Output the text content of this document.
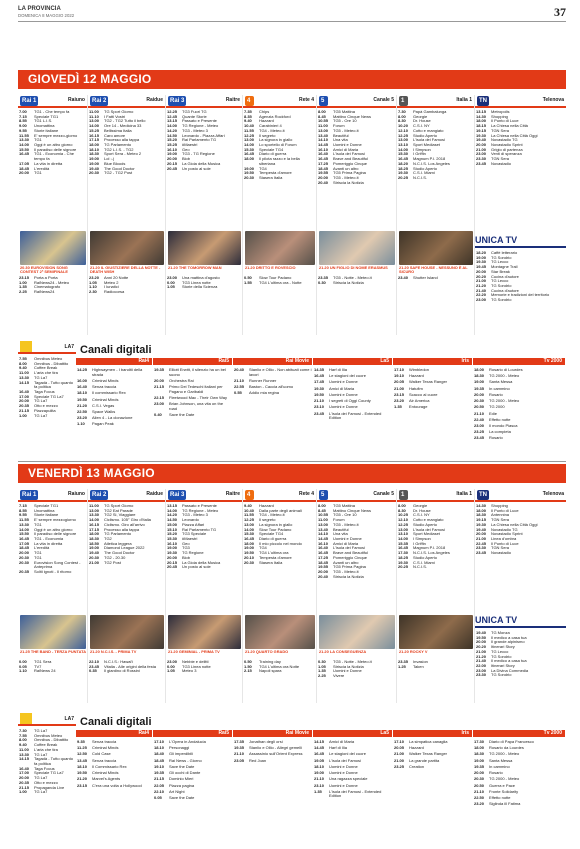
LA PROVINCIA
DOMENICA 8 MAGGIO 2022	37
GIOVEDÌ 12 MAGGIO
Rai 1	Raiuno
7.00	TG1 - Che tempo fa
7.15	Speciale TG1
8.55	TG1 L.I.S.
9.00	Unomattina
9.55	Storie italiane
11.55	E' sempre mezzo-giorno
13.30	TG1
14.00	Oggi è un altro giorno
15.50	Il paradiso delle signore
16.45	TG1 - Economia - Che tempo fa
17.05	La vita in diretta
18.45	L'eredità
20.00	TG1
20.30 EUROVISION SONG CONTEST 2ª SEMIFINALE
23.15	Porta a Porta
1.00	RaiNews24 - Meteo
1.35	Cinematografo
2.25	RaiNews24
Rai 2	Raidue
11.00	TG Sport Giorno
11.10	I Fatti Vostri
13.00	TG2 - TG2 Tutto il bello
14.00	Ore 14 - Medicina 33
15.25	Bellissima Italia
16.15	Caro amore
17.15	Processo alla tappa
18.00	TG Parlamento
18.10	TG2 L.I.S. - TG2
18.30	Sport Sera - Meteo 2
19.00	Lol :-)
19.00	Blue Bloods
19.40	The Good Doctor
20.30	TG2 - TG2 Post
21.20 IL GIUSTIZIERE DELLA NOTTE - DEATH WISH
23.20	Anni 20 Notte
1.05	Meteo 2
1.10	I lunatici
2.30	Radiocorsa
Rai 3	Raitre
12.25	TG3 Fuori TG
12.45	Quante Storie
13.15	Passato e Presente
14.00	TG Regione - Meteo
14.20	TG3 - Meteo 3
14.50	Leonardo - Piazza Affari
15.20	Rai Parlamento TG
15.25	#Maestri
16.10	Geo
19.00	TG3 - TG Regione
20.00	Blob
20.15	La Gioia della Musica
20.45	Un posto al sole
21.20 THE TOMORROW MAN
23.00	Una mattina d'agosto
0.00	TG3 Linea notte
1.05	Storie della Scienza
4	Rete 4
7.35	Chips
8.35	Agenzia Rockford
9.40	Hazzard
10.40	Carabinieri 4
11.55	TG4 - Meteo.it
12.25	Il segreto
13.00	La signora in giallo
14.00	Lo sportello di Forum
15.30	Speciale TG4
16.45	Diario di guerra
18.00	Il pilota razzo e la bella siberiana
19.00	TG4
19.50	Tempesta d'amore
20.30	Stasera Italia
21.20 DRITTO E ROVESCIO
0.50	Slow Tour Padano
1.55	TG4 L'ultima ora - Notte
5	Canale 5
8.00	TG5 Mattina
8.45	Mattino Cinque News
10.55	TG5 - Ore 10
11.00	Forum
13.00	TG5 - Meteo.it
13.40	Beautiful
14.10	Una vita
14.45	Uomini e Donne
16.10	Amici di Maria
16.40	L'isola dei Famosi
16.45	Brave and Beautiful
17.25	Pomeriggio Cinque
18.45	Avanti un altro
19.55	TG5 Prima Pagina
20.00	TG5 - Meteo.it
20.40	Striscia la Notizia
21.20 UN FIGLIO DI NOME ERASMUS
23.35	TG5 - Notte - Meteo.it
0.30	Striscia la Notizia
1	Italia 1
7.30	Papà Gambalunga
8.00	Georgie
8.30	Dr. House
10.20	C.S.I. NY
12.10	Cotto e mangiato
12.25	Studio Aperto
13.00	L'isola dei Famosi
13.10	Sport Mediaset
14.00	I Simpson
15.30	I Griffin
16.45	Magnum P.I. 2018
18.20	N.C.I.S. Los Angeles
18.25	Studio Aperto
19.30	C.S.I. Miami
20.25	N.C.I.S.
21.20 SAFE HOUSE - NESSUNO È AL SICURO
23.40	Shutter Island
TN	Telenova
13.15	Metropolis
14.30	Shopping
18.00	Il Punto di Luce
18.15	La Chiesa nella Città
19.15	TGN Sera
19.30	La Chiesa nella Città Oggi
19.40	Novastadio TG
20.00	Novastadio Sprint
21.00	Grigio di partenza
23.00	Venti di speranza
23.30	TGN Sera
23.45	Novastadio
UNICA TV
18.20	Caffè letterario
19.00	TG Sondrio
19.30	TG Lecco
19.45	Montagne Trail
20.00	Star Break
20.20	Cucina d'autore
21.00	TG Lecco
21.20	TG Sondrio
21.40	Cucina d'autore
22.20	Memorie e tradizioni del territorio
23.00	TG Sondrio
LA7 Canali digitali
7.55	Omnibus Meteo
8.00	Omnibus - Dibattito
9.40	Coffee Break
11.00	L'aria che tira
13.30	TG La7
14.15	Tagadà - Tutto quanto fa politica
16.40	Taga Focus
17.00	Speciale TG La7
20.00	TG La7
20.35	Otto e mezzo
21.15	Piazzapulita
1.00	TG La7
Rai4
14.25	Highwaymen - I banditi della strada
16.00	Criminal Minds
16.40	Senza traccia
18.10	Il commissario Rex
19.50	Criminal Minds
21.20	C.S.I. Vegas
22.50	Space Walks
23.20	Alien 4 - La clonazione
1.10	Pagan Peak
Rai5
19.35	Elliott Erwitt, il silenzio ha un bel suono
20.00	Orchestra Rai
21.15	Primo Dei Tedeschi italiani per Pagano e Garibaldi
22.15	Fleetwood Mac - Their Own Way
23.00	Brian Johnson, una vita on the road
0.40	Save the Date
Rai Movie
20.40	Stanlio e Ollio - Non abituati come i lavori
21.10	Runner Runner
22.55	Baston - Caccia all'uomo
0.55	Addio mia regina
La5
14.35	Harf di Ilia
16.45	Le stagioni del cuore
17.45	Uomini e Donne
19.30	Amici di Maria
19.50	Uomini e Donne
21.10	I segreti di Oggi County
23.10	Uomini e Donne
23.45	L'isola dei Famosi - Extended Edition
Iris
17.10	Wimbledon
19.10	Hazzard
20.05	Walker Texas Ranger
21.00	Hatufim
23.15	Scacco al cuore
23.20	Air America
1.35	Entourage
Tv 2000
18.00	Rosario di Lourdes
18.30	TG 2000 - Meteo
19.00	Santa Messa
19.35	In cammino
20.00	Rosario
20.30	TG 2000 - Meteo
20.50	TG 2000
21.10	Edie
22.40	Effetto notte
23.00	Il mondo Piasca
23.25	La compieta
23.45	Rosario
VENERDÌ 13 MAGGIO
Rai 1	Raiuno
7.15	Speciale TG1
8.55	Unomattina
9.55	Storie italiane
11.55	E' sempre mezzogiorno
13.30	TG1
14.00	Oggi è un altro giorno
15.50	Il paradiso delle signore
16.45	TG1 - Economia
17.05	La vita in diretta
18.45	L'eredità
20.00	TG1
20.30	TG1
20.30	Eurovision Song Contest - Anteprima
20.35	Soliti ignoti - Il ritorno
21.25 THE BAND - TERZA PUNTATA
0.00	TG1 Sera
0.05	TV7
1.10	RaiNews 24
Rai 2	Raidue
11.00	TG Sport Giorno
13.00	TG2 Eat Parade
13.30	TG2 Si, Viaggiare
14.00	Ciclismo. 105° Giro d'Italia
16.15	Ciclismo. Giro all'arrivo
17.15	Processo alla tappa
18.00	TG Parlamento
18.30	TG2
18.50	Atletica leggera
19.00	Diamond League 2022
19.40	The Good Doctor
20.30	TG2 - 20.30
21.00	TG2 Post
21.20 N.C.I.S. - PRIMA TV
22.10	N.C.I.S.: Hawai'i
23.45	Vitalia - Alle origini della festa
0.35	Il giardino di Rossini
Rai 3	Raitre
13.15	Passato e Presente
14.00	TG Regione - Meteo
14.20	TG3 - Meteo 3
14.50	Leonardo
15.00	Piazza Affari
15.10	Rai Parlamento TG
15.20	TG3 Speciale
15.30	#Maestri
16.10	Geo
19.00	TG3
19.30	TG Regione
20.00	Blob
20.15	La Gioia della Musica
20.45	Un posto al sole
21.20 GEMINIAL - PRIMA TV
23.00	Nebbie e delitti
0.00	TG3 Linea notte
1.05	Meteo 3
4	Rete 4
9.40	Hazzard
10.40	Dalla parte degli animali
11.55	TG4 - Meteo.it
12.25	Il segreto
13.00	La signora in giallo
14.00	Slow Tour Padano
15.30	Speciale TG4
16.45	Diario di guerra
18.00	Il mio piccolo nel mondo
19.00	TG4
19.50	TG4 L'ultima ora
20.10	Tempesta d'amore
20.30	Stasera Italia
21.20 QUARTO GRADO
0.50	Training day
1.50	TG4 L'ultima ora Notte
2.15	Napoli spara
5	Canale 5
8.00	TG5 Mattina
8.45	Mattino Cinque News
10.55	TG5 - Ore 10
11.00	Forum
13.00	TG5 - Meteo.it
13.40	Beautiful
14.10	Una vita
14.45	Uomini e Donne
16.10	Amici di Maria
16.40	L'isola dei Famosi
16.45	Brave and Beautiful
17.25	Pomeriggio Cinque
18.45	Avanti un altro
19.55	TG5 Prima Pagina
20.00	TG5 - Meteo.it
20.40	Striscia la Notizia
21.20 LA CONSEGUENZA
0.30	TG5 - Notte - Meteo.it
1.05	Striscia la Notizia
1.35	Uomini e Donne
2.25	Vivere
1	Italia 1
8.00	Georgie
8.30	Dr. House
10.25	C.S.I. NY
12.10	Cotto e mangiato
12.25	Studio Aperto
13.00	L'isola dei Famosi
13.10	Sport Mediaset
14.00	I Simpson
15.35	I Griffin
16.45	Magnum P.I. 2018
17.30	N.C.I.S. Los Angeles
18.25	Studio Aperto
19.30	C.S.I. Miami
20.25	N.C.I.S.
21.20 ROCKY V
23.35	Invasion
1.25	Taken
TN	Telenova
14.30	Shopping
18.00	Il Punto di Luce
18.30	Antennina
19.15	TGN Sera
19.30	La Chiesa nella Città Oggi
19.40	Novastadio TG
20.00	Novastadio Sprint
21.00	Linea d'ombra
22.45	Il Punto di Luce
23.30	TGN Sera
23.45	Novastadio
UNICA TV
19.40	TG Monza
19.50	Il medico a casa tua
20.00	Il grande alpinismo
20.20	Itinerari Story
21.00	TG Lecco
21.20	TG Sondrio
21.40	Il medico a casa tua
22.00	Itinerari Story
23.00	La Divina Commedia
23.30	TG Sondrio
LA7 Canali digitali
7.30	TG La7
7.55	Omnibus Meteo
8.00	Omnibus - Dibattito
9.40	Coffee Break
11.00	L'aria che tira
13.30	TG La7
14.15	Tagadà - Tutto quanto fa politica
16.40	Taga Focus
17.00	Speciale TG La7
20.00	TG La7
20.35	Otto e mezzo
21.15	Propaganda Live
1.00	TG La7
Rai4
9.35	Senza traccia
11.25	Criminal Minds
12.50	Cold Case
13.45	Senza traccia
18.10	Il Commissario Rex
19.50	Criminal Minds
21.20	Marvel's Agents
23.15	C'era una volta a Hollywood
Rai5
17.10	L'Opera in Andalucia
18.10	Personaggi
18.40	Gli imperdibili
18.45	Rai News - Giorno
19.10	Save the Date
19.35	Gli occhi di Dante
21.15	Dominio Mieri
22.05	Piazza pagina
22.10	Art Night
0.05	Save the Date
Rai Movie
17.35	Jonathan degli orsi
19.35	Stanlio e Ollio - Allegri gemelli
21.10	Assassinio sull'Orient Express
23.05	Red Joan
La5
14.15	Amici di Maria
14.45	Harf di Ilia
16.45	Le stagioni del cuore
19.05	L'isola dei Famosi
18.10	Uomini e Donne
19.00	Uomini e Donne
21.10	Una ragazza speciale
23.10	Uomini e Donne
1.35	L'isola dei Famosi - Extended Edition
Iris
17.10	La simpatica canaglia
20.05	Hazzard
21.00	Walker Texas Ranger
21.00	La grande partita
23.25	Creation
Tv 2000
17.30	Diario di Papa Francesco
18.00	Rosario da Lourdes
18.30	TG 2000 - Meteo
19.00	Santa Messa
19.35	In cammino
20.00	Rosario
20.30	TG 2000 - Meteo
20.50	Guerra e Pace
21.10	Fronte Solidarity
22.50	Effetto notte
23.20	Siglinda ill Fatima
